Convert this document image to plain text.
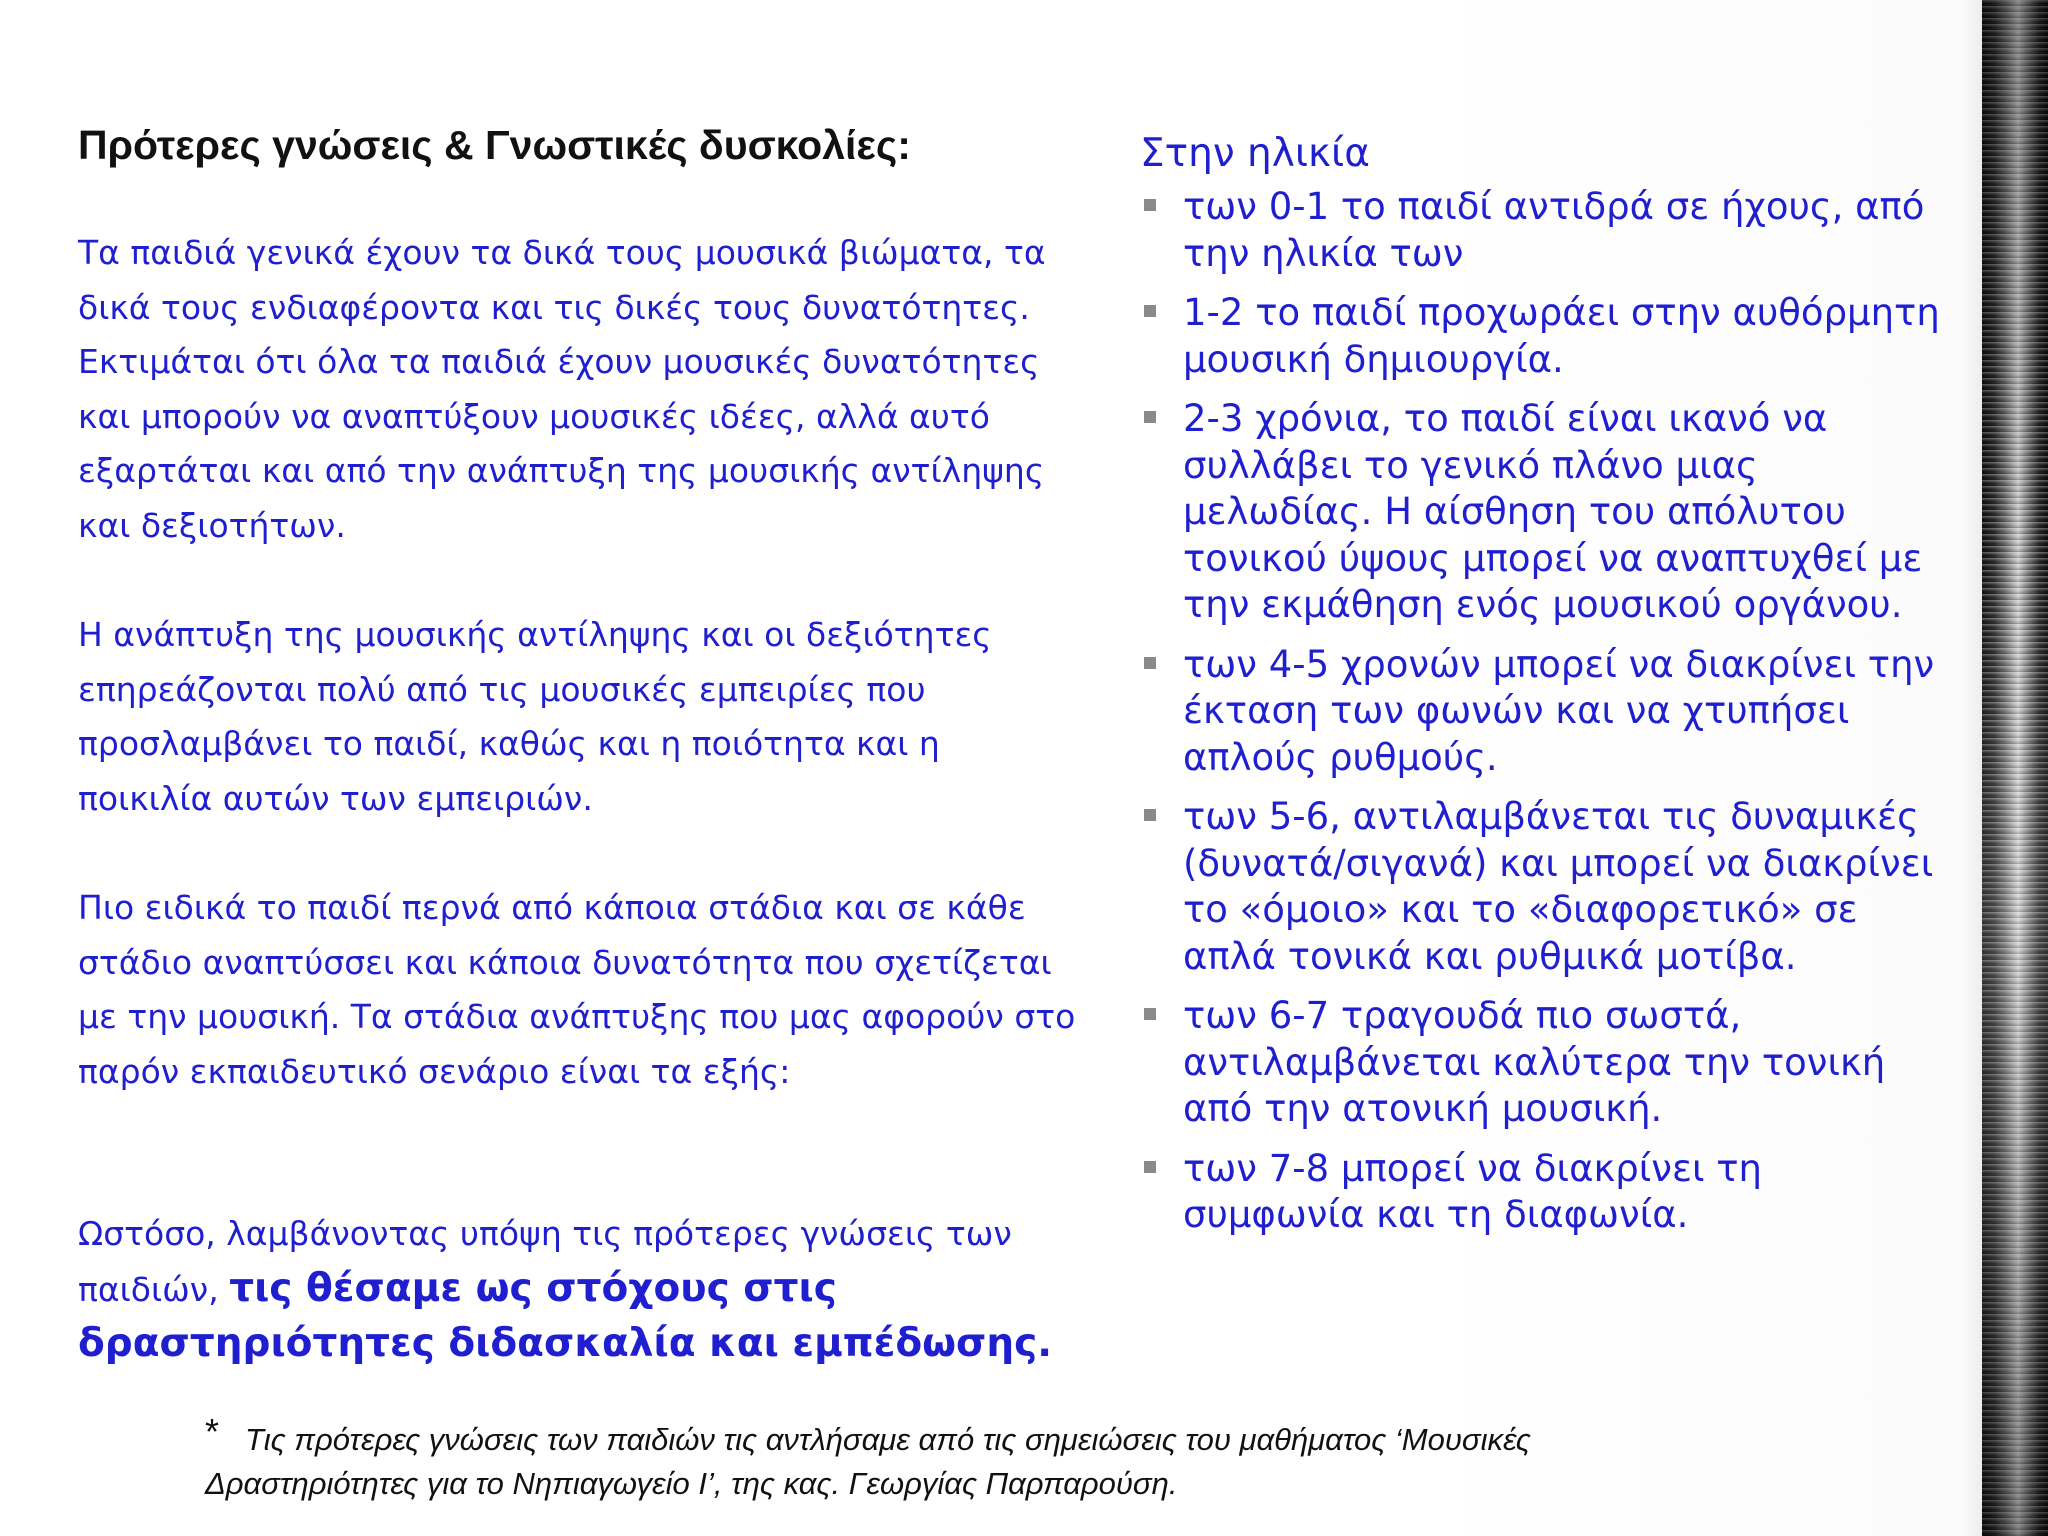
Πρότερες γνώσεις & Γνωστικές δυσκολίες:

Τα παιδιά γενικά έχουν τα δικά τους μουσικά βιώματα, τα δικά τους ενδιαφέροντα και τις δικές τους δυνατότητες. Εκτιμάται ότι όλα τα παιδιά έχουν μουσικές δυνατότητες και μπορούν να αναπτύξουν μουσικές ιδέες, αλλά αυτό εξαρτάται και από την ανάπτυξη της μουσικής αντίληψης και δεξιοτήτων.

Η ανάπτυξη της μουσικής αντίληψης και οι δεξιότητες επηρεάζονται πολύ από τις μουσικές εμπειρίες που προσλαμβάνει το παιδί, καθώς και η ποιότητα και η ποικιλία αυτών των εμπειριών.

Πιο ειδικά το παιδί περνά από κάποια στάδια και σε κάθε στάδιο αναπτύσσει και κάποια δυνατότητα που σχετίζεται με την μουσική. Τα στάδια ανάπτυξης που μας αφορούν στο παρόν εκπαιδευτικό σενάριο είναι τα εξής:

Ωστόσο, λαμβάνοντας υπόψη τις πρότερες γνώσεις των παιδιών, τις θέσαμε ως στόχους στις δραστηριότητες διδασκαλία και εμπέδωσης.

Στην ηλικία

των 0-1 το παιδί αντιδρά σε ήχους, από την ηλικία των
1-2 το παιδί προχωράει στην αυθόρμητη μουσική δημιουργία.
2-3 χρόνια, το παιδί είναι ικανό να συλλάβει το γενικό πλάνο μιας μελωδίας. Η αίσθηση του απόλυτου τονικού ύψους μπορεί να αναπτυχθεί με την εκμάθηση ενός μουσικού οργάνου.
των 4-5 χρονών μπορεί να διακρίνει την έκταση των φωνών και να χτυπήσει απλούς ρυθμούς.
των 5-6, αντιλαμβάνεται τις δυναμικές (δυνατά/σιγανά) και μπορεί να διακρίνει το «όμοιο» και το «διαφορετικό» σε απλά τονικά και ρυθμικά μοτίβα.
των 6-7 τραγουδά πιο σωστά, αντιλαμβάνεται καλύτερα την τονική από την ατονική μουσική.
των 7-8 μπορεί να διακρίνει τη συμφωνία και τη διαφωνία.
* Τις πρότερες γνώσεις των παιδιών τις αντλήσαμε από τις σημειώσεις του μαθήματος ‘Μουσικές
Δραστηριότητες για το Νηπιαγωγείο Ι’, της κας. Γεωργίας Παρπαρούση.
